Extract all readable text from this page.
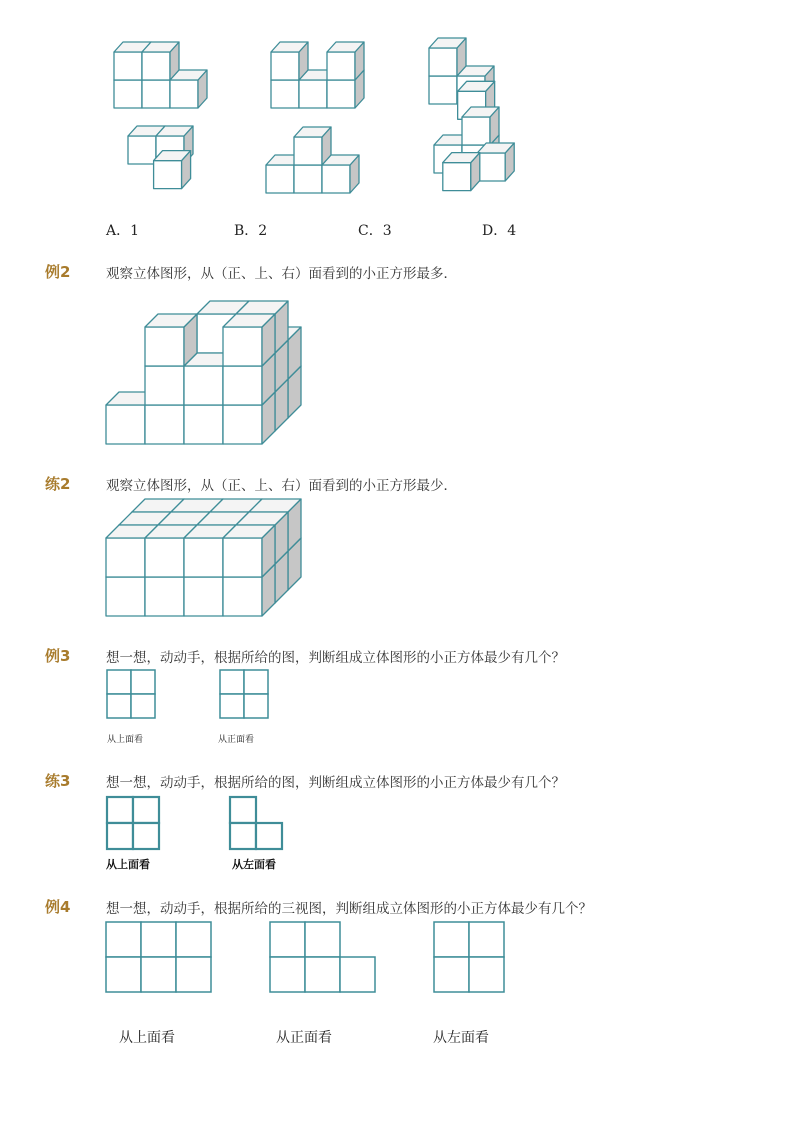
A．1	B．2	C．3	D．4
例2	观察立体图形，从（正、上、右）面看到的小正方形最多．
练2	观察立体图形，从（正、上、右）面看到的小正方形最少．
例3	想一想，动动手，根据所给的图，判断组成立体图形的小正方体最少有几个？
从上面看	从正面看
练3	想一想，动动手，根据所给的图，判断组成立体图形的小正方体最少有几个？
从上面看	从左面看
例4	想一想，动动手，根据所给的三视图，判断组成立体图形的小正方体最少有几个？
从上面看	从正面看	从左面看
